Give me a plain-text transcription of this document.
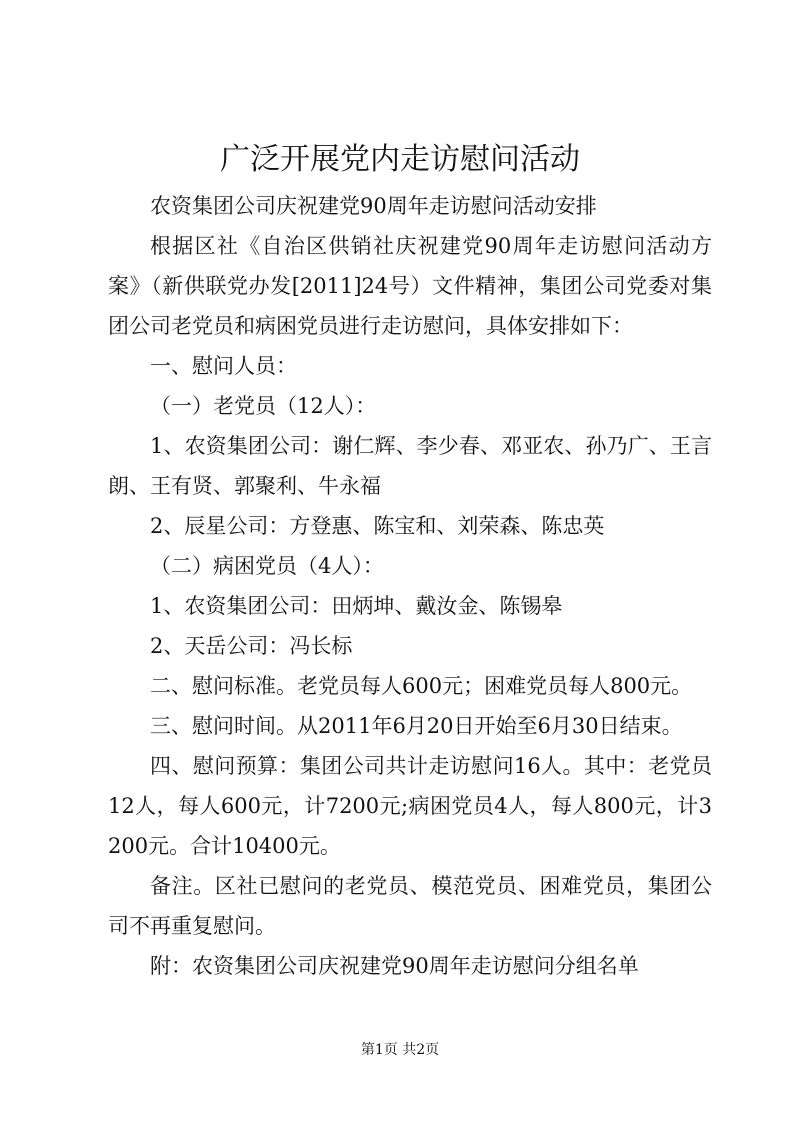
广泛开展党内走访慰问活动

农资集团公司庆祝建党90周年走访慰问活动安排

根据区社《自治区供销社庆祝建党90周年走访慰问活动方案》（新供联党办发[2011]24号）文件精神，集团公司党委对集团公司老党员和病困党员进行走访慰问，具体安排如下：

一、慰问人员：

（一）老党员（12人）：

1、农资集团公司：谢仁辉、李少春、邓亚农、孙乃广、王言朗、王有贤、郭聚利、牛永福

2、辰星公司：方登惠、陈宝和、刘荣森、陈忠英

（二）病困党员（4人）：

1、农资集团公司：田炳坤、戴汝金、陈锡皋

2、天岳公司：冯长标

二、慰问标准。老党员每人600元；困难党员每人800元。

三、慰问时间。从2011年6月20日开始至6月30日结束。

四、慰问预算：集团公司共计走访慰问16人。其中：老党员12人，每人600元，计7200元;病困党员4人，每人800元，计3200元。合计10400元。

备注。区社已慰问的老党员、模范党员、困难党员，集团公司不再重复慰问。

附：农资集团公司庆祝建党90周年走访慰问分组名单

第1页 共2页
